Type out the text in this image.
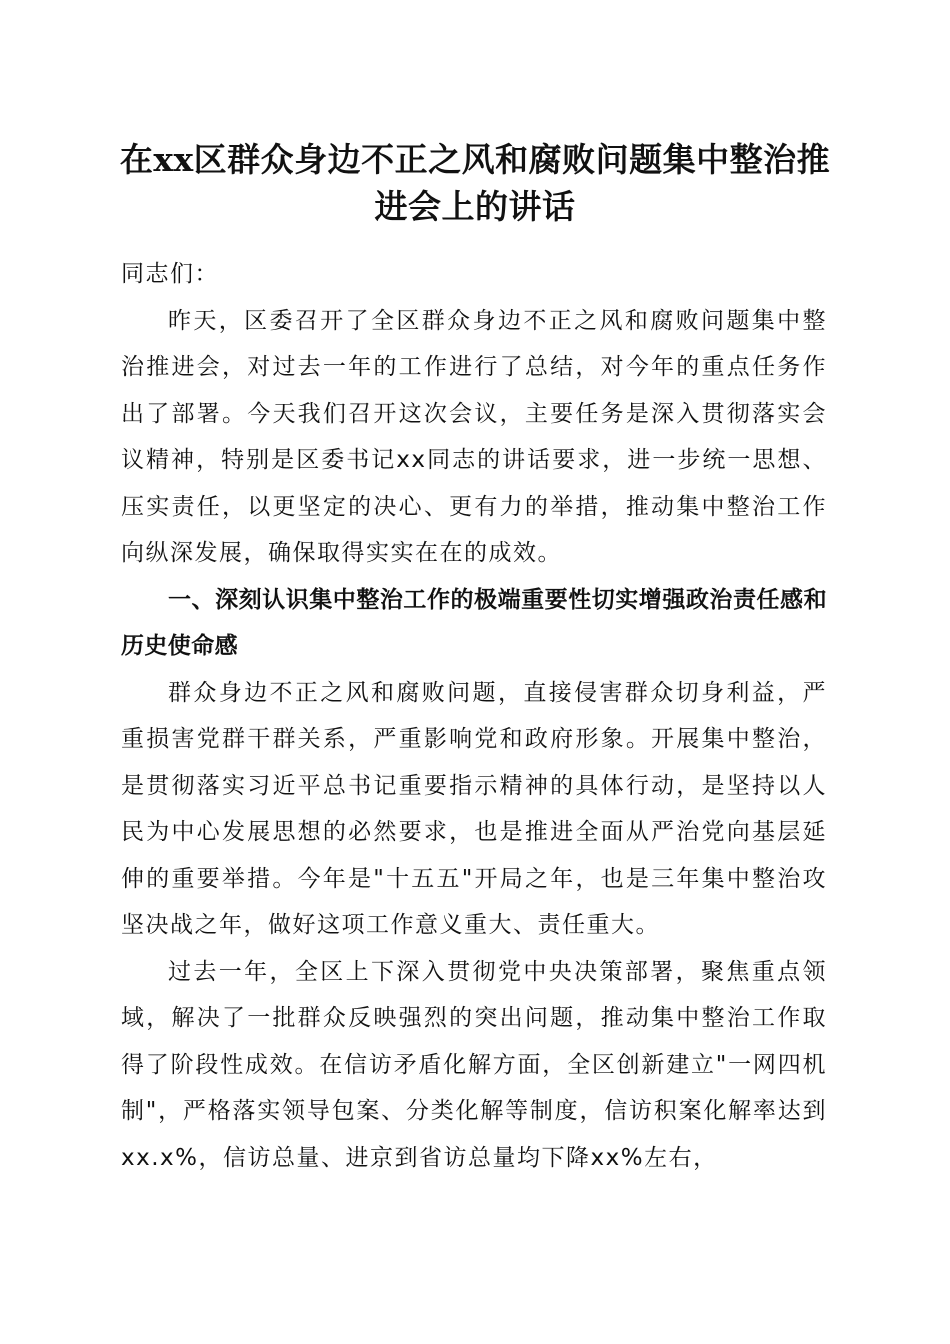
在xx区群众身边不正之风和腐败问题集中整治推进会上的讲话

同志们：

昨天，区委召开了全区群众身边不正之风和腐败问题集中整治推进会，对过去一年的工作进行了总结，对今年的重点任务作出了部署。今天我们召开这次会议，主要任务是深入贯彻落实会议精神，特别是区委书记xx同志的讲话要求，进一步统一思想、压实责任，以更坚定的决心、更有力的举措，推动集中整治工作向纵深发展，确保取得实实在在的成效。

一、深刻认识集中整治工作的极端重要性切实增强政治责任感和历史使命感

群众身边不正之风和腐败问题，直接侵害群众切身利益，严重损害党群干群关系，严重影响党和政府形象。开展集中整治，是贯彻落实习近平总书记重要指示精神的具体行动，是坚持以人民为中心发展思想的必然要求，也是推进全面从严治党向基层延伸的重要举措。今年是"十五五"开局之年，也是三年集中整治攻坚决战之年，做好这项工作意义重大、责任重大。

过去一年，全区上下深入贯彻党中央决策部署，聚焦重点领域，解决了一批群众反映强烈的突出问题，推动集中整治工作取得了阶段性成效。在信访矛盾化解方面，全区创新建立"一网四机制"，严格落实领导包案、分类化解等制度，信访积案化解率达到xx.x%，信访总量、进京到省访总量均下降xx%左右，
